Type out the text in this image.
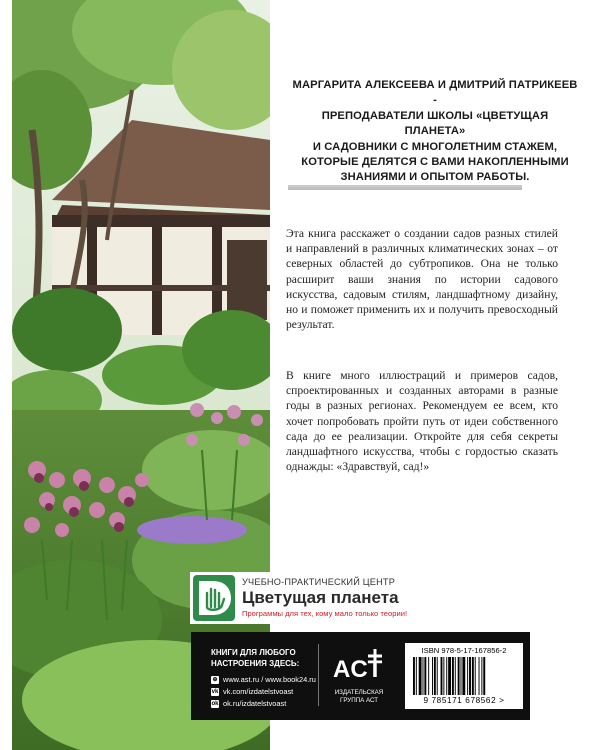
МАРГАРИТА АЛЕКСЕЕВА И ДМИТРИЙ ПАТРИКЕЕВ -
ПРЕПОДАВАТЕЛИ ШКОЛЫ «ЦВЕТУЩАЯ ПЛАНЕТА»
И САДОВНИКИ С МНОГОЛЕТНИМ СТАЖЕМ,
КОТОРЫЕ ДЕЛЯТСЯ С ВАМИ НАКОПЛЕННЫМИ
ЗНАНИЯМИ И ОПЫТОМ РАБОТЫ.
Эта книга расскажет о создании садов разных стилей и направлений в различных климатических зонах – от северных областей до субтропиков. Она не только расширит ваши знания по истории садового искусства, садовым стилям, ландшафтному дизайну, но и поможет применить их и получить превосходный результат.
В книге много иллюстраций и примеров садов, спроектированных и созданных авторами в разные годы в разных регионах. Рекомендуем ее всем, кто хочет попробовать пройти путь от идеи собственного сада до ее реализации. Откройте для себя секреты ландшафтного искусства, чтобы с гордостью сказать однажды: «Здравствуй, сад!»
УЧЕБНО-ПРАКТИЧЕСКИЙ ЦЕНТР
Цветущая планета
Программы для тех, кому мало только теории!
КНИГИ ДЛЯ ЛЮБОГО
НАСТРОЕНИЯ ЗДЕСЬ:
⊕ www.ast.ru / www.book24.ru
vk vk.com/izdatelstvoast
ok ok.ru/izdatelstvoast
ACT
ИЗДАТЕЛЬСКАЯ
ГРУППА АСТ
ISBN 978-5-17-167856-2
9 785171 678562 >
